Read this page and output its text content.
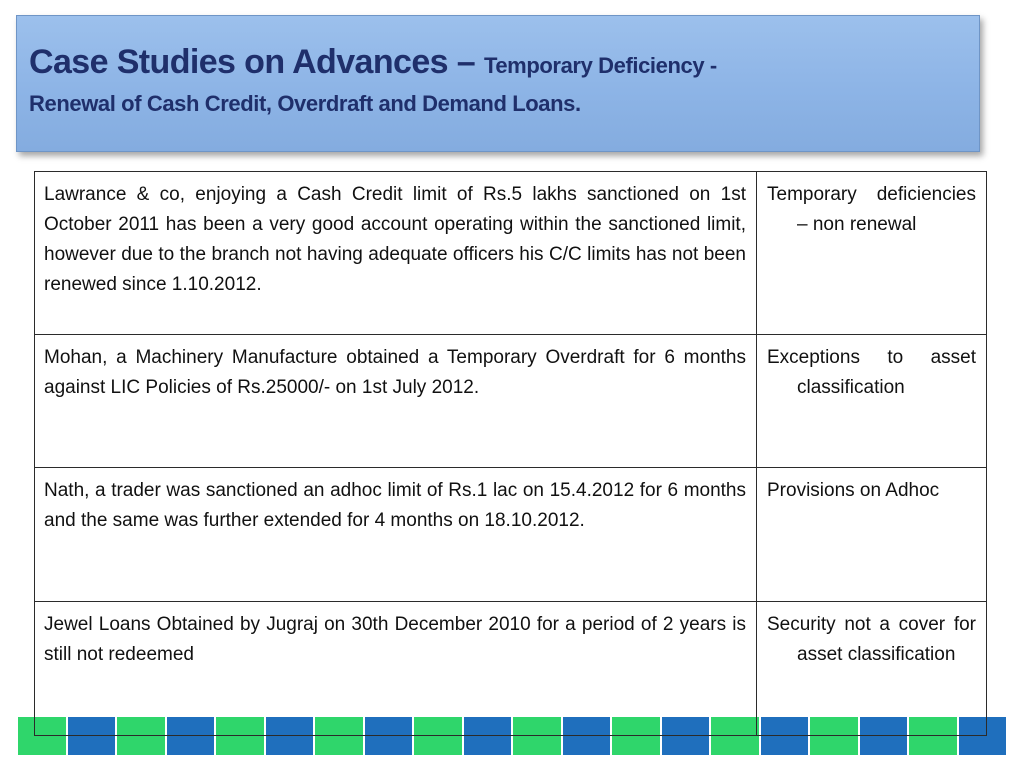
Case Studies on Advances – Temporary Deficiency -
Renewal of Cash Credit, Overdraft and Demand Loans.
Lawrance & co, enjoying a Cash Credit limit of Rs.5 lakhs sanctioned on 1st October 2011 has been a very good account operating within the sanctioned limit, however due to the branch not having adequate officers his C/C limits has not been renewed since 1.10.2012.	Temporary deficiencies – non renewal

Mohan, a Machinery Manufacture obtained a Temporary Overdraft for 6 months against LIC Policies of Rs.25000/- on 1st July 2012.	Exceptions to asset classification

Nath, a trader was sanctioned an adhoc limit of Rs.1 lac on 15.4.2012 for 6 months and the same was further extended for 4 months on 18.10.2012.	Provisions on Adhoc

Jewel Loans Obtained by Jugraj on 30th December 2010 for a period of 2 years is still not redeemed	Security not a cover for asset classification
